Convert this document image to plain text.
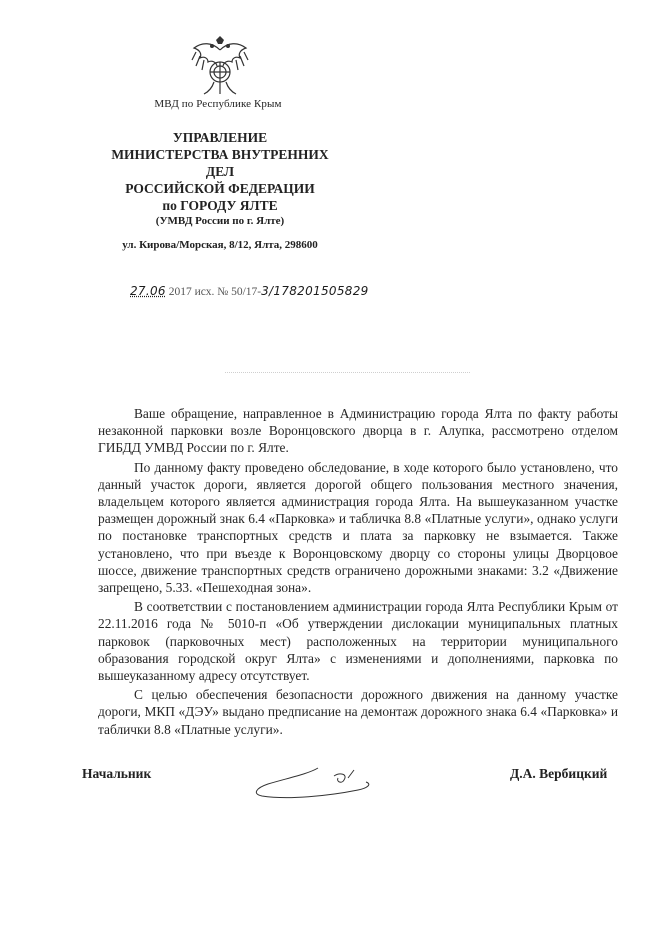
МВД по Республике Крым
УПРАВЛЕНИЕ
МИНИСТЕРСТВА ВНУТРЕННИХ
ДЕЛ
РОССИЙСКОЙ ФЕДЕРАЦИИ
по ГОРОДУ ЯЛТЕ
(УМВД России по г. Ялте)
ул. Кирова/Морская, 8/12, Ялта, 298600
27.06 2017 исх. № 50/17-3/178201505829

Ваше обращение, направленное в Администрацию города Ялта по факту работы незаконной парковки возле Воронцовского дворца в г. Алупка, рассмотрено отделом ГИБДД УМВД России по г. Ялте.

По данному факту проведено обследование, в ходе которого было установлено, что данный участок дороги, является дорогой общего пользования местного значения, владельцем которого является администрация города Ялта. На вышеуказанном участке размещен дорожный знак 6.4 «Парковка» и табличка 8.8 «Платные услуги», однако услуги по постановке транспортных средств и плата за парковку не взымается. Также установлено, что при въезде к Воронцовскому дворцу со стороны улицы Дворцовое шоссе, движение транспортных средств ограничено дорожными знаками: 3.2 «Движение запрещено, 5.33. «Пешеходная зона».

В соответствии с постановлением администрации города Ялта Республики Крым от 22.11.2016 года № 5010-п «Об утверждении дислокации муниципальных платных парковок (парковочных мест) расположенных на территории муниципального образования городской округ Ялта» с изменениями и дополнениями, парковка по вышеуказанному адресу отсутствует.

С целью обеспечения безопасности дорожного движения на данному участке дороги, МКП «ДЭУ» выдано предписание на демонтаж дорожного знака 6.4 «Парковка» и таблички 8.8 «Платные услуги».

Начальник	Д.А. Вербицкий
